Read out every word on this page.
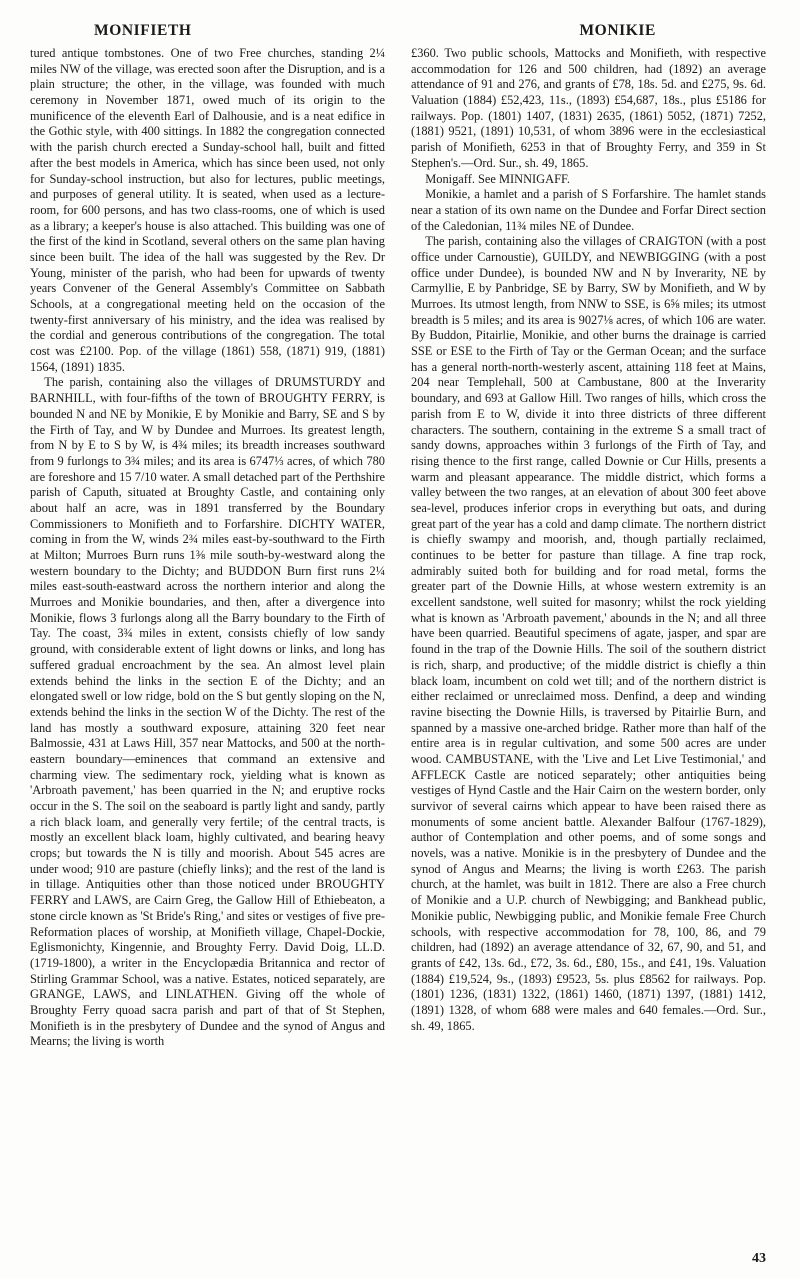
MONIFIETH	MONIKIE

tured antique tombstones. One of two Free churches, standing 2¼ miles NW of the village, was erected soon after the Disruption, and is a plain structure; the other, in the village, was founded with much ceremony in November 1871, owed much of its origin to the munificence of the eleventh Earl of Dalhousie, and is a neat edifice in the Gothic style, with 400 sittings. In 1882 the congregation connected with the parish church erected a Sunday-school hall, built and fitted after the best models in America, which has since been used, not only for Sunday-school instruction, but also for lectures, public meetings, and purposes of general utility. It is seated, when used as a lecture-room, for 600 persons, and has two class-rooms, one of which is used as a library; a keeper's house is also attached. This building was one of the first of the kind in Scotland, several others on the same plan having since been built. The idea of the hall was suggested by the Rev. Dr Young, minister of the parish, who had been for upwards of twenty years Convener of the General Assembly's Committee on Sabbath Schools, at a congregational meeting held on the occasion of the twenty-first anniversary of his ministry, and the idea was realised by the cordial and generous contributions of the congregation. The total cost was £2100. Pop. of the village (1861) 558, (1871) 919, (1881) 1564, (1891) 1835.

The parish, containing also the villages of DRUMSTURDY and BARNHILL, with four-fifths of the town of BROUGHTY FERRY, is bounded N and NE by Monikie, E by Monikie and Barry, SE and S by the Firth of Tay, and W by Dundee and Murroes. Its greatest length, from N by E to S by W, is 4¾ miles; its breadth increases southward from 9 furlongs to 3¾ miles; and its area is 6747⅓ acres, of which 780 are foreshore and 15 7/10 water. A small detached part of the Perthshire parish of Caputh, situated at Broughty Castle, and containing only about half an acre, was in 1891 transferred by the Boundary Commissioners to Monifieth and to Forfarshire. DICHTY WATER, coming in from the W, winds 2¾ miles east-by-southward to the Firth at Milton; Murroes Burn runs 1⅜ mile south-by-westward along the western boundary to the Dichty; and BUDDON Burn first runs 2¼ miles east-south-eastward across the northern interior and along the Murroes and Monikie boundaries, and then, after a divergence into Monikie, flows 3 furlongs along all the Barry boundary to the Firth of Tay. The coast, 3¾ miles in extent, consists chiefly of low sandy ground, with considerable extent of light downs or links, and long has suffered gradual encroachment by the sea. An almost level plain extends behind the links in the section E of the Dichty; and an elongated swell or low ridge, bold on the S but gently sloping on the N, extends behind the links in the section W of the Dichty. The rest of the land has mostly a southward exposure, attaining 320 feet near Balmossie, 431 at Laws Hill, 357 near Mattocks, and 500 at the north-eastern boundary—eminences that command an extensive and charming view. The sedimentary rock, yielding what is known as 'Arbroath pavement,' has been quarried in the N; and eruptive rocks occur in the S. The soil on the seaboard is partly light and sandy, partly a rich black loam, and generally very fertile; of the central tracts, is mostly an excellent black loam, highly cultivated, and bearing heavy crops; but towards the N is tilly and moorish. About 545 acres are under wood; 910 are pasture (chiefly links); and the rest of the land is in tillage. Antiquities other than those noticed under BROUGHTY FERRY and LAWS, are Cairn Greg, the Gallow Hill of Ethiebeaton, a stone circle known as 'St Bride's Ring,' and sites or vestiges of five pre-Reformation places of worship, at Monifieth village, Chapel-Dockie, Eglismonichty, Kingennie, and Broughty Ferry. David Doig, LL.D. (1719-1800), a writer in the Encyclopædia Britannica and rector of Stirling Grammar School, was a native. Estates, noticed separately, are GRANGE, LAWS, and LINLATHEN. Giving off the whole of Broughty Ferry quoad sacra parish and part of that of St Stephen, Monifieth is in the presbytery of Dundee and the synod of Angus and Mearns; the living is worth

£360. Two public schools, Mattocks and Monifieth, with respective accommodation for 126 and 500 children, had (1892) an average attendance of 91 and 276, and grants of £78, 18s. 5d. and £275, 9s. 6d. Valuation (1884) £52,423, 11s., (1893) £54,687, 18s., plus £5186 for railways. Pop. (1801) 1407, (1831) 2635, (1861) 5052, (1871) 7252, (1881) 9521, (1891) 10,531, of whom 3896 were in the ecclesiastical parish of Monifieth, 6253 in that of Broughty Ferry, and 359 in St Stephen's.—Ord. Sur., sh. 49, 1865.

Monigaff. See MINNIGAFF.

Monikie, a hamlet and a parish of S Forfarshire. The hamlet stands near a station of its own name on the Dundee and Forfar Direct section of the Caledonian, 11¾ miles NE of Dundee.

The parish, containing also the villages of CRAIGTON (with a post office under Carnoustie), GUILDY, and NEWBIGGING (with a post office under Dundee), is bounded NW and N by Inverarity, NE by Carmyllie, E by Panbridge, SE by Barry, SW by Monifieth, and W by Murroes. Its utmost length, from NNW to SSE, is 6⅝ miles; its utmost breadth is 5 miles; and its area is 9027⅛ acres, of which 106 are water. By Buddon, Pitairlie, Monikie, and other burns the drainage is carried SSE or ESE to the Firth of Tay or the German Ocean; and the surface has a general north-north-westerly ascent, attaining 118 feet at Mains, 204 near Templehall, 500 at Cambustane, 800 at the Inverarity boundary, and 693 at Gallow Hill. Two ranges of hills, which cross the parish from E to W, divide it into three districts of three different characters. The southern, containing in the extreme S a small tract of sandy downs, approaches within 3 furlongs of the Firth of Tay, and rising thence to the first range, called Downie or Cur Hills, presents a warm and pleasant appearance. The middle district, which forms a valley between the two ranges, at an elevation of about 300 feet above sea-level, produces inferior crops in everything but oats, and during great part of the year has a cold and damp climate. The northern district is chiefly swampy and moorish, and, though partially reclaimed, continues to be better for pasture than tillage. A fine trap rock, admirably suited both for building and for road metal, forms the greater part of the Downie Hills, at whose western extremity is an excellent sandstone, well suited for masonry; whilst the rock yielding what is known as 'Arbroath pavement,' abounds in the N; and all three have been quarried. Beautiful specimens of agate, jasper, and spar are found in the trap of the Downie Hills. The soil of the southern district is rich, sharp, and productive; of the middle district is chiefly a thin black loam, incumbent on cold wet till; and of the northern district is either reclaimed or unreclaimed moss. Denfind, a deep and winding ravine bisecting the Downie Hills, is traversed by Pitairlie Burn, and spanned by a massive one-arched bridge. Rather more than half of the entire area is in regular cultivation, and some 500 acres are under wood. CAMBUSTANE, with the 'Live and Let Live Testimonial,' and AFFLECK Castle are noticed separately; other antiquities being vestiges of Hynd Castle and the Hair Cairn on the western border, only survivor of several cairns which appear to have been raised there as monuments of some ancient battle. Alexander Balfour (1767-1829), author of Contemplation and other poems, and of some songs and novels, was a native. Monikie is in the presbytery of Dundee and the synod of Angus and Mearns; the living is worth £263. The parish church, at the hamlet, was built in 1812. There are also a Free church of Monikie and a U.P. church of Newbigging; and Bankhead public, Monikie public, Newbigging public, and Monikie female Free Church schools, with respective accommodation for 78, 100, 86, and 79 children, had (1892) an average attendance of 32, 67, 90, and 51, and grants of £42, 13s. 6d., £72, 3s. 6d., £80, 15s., and £41, 19s. Valuation (1884) £19,524, 9s., (1893) £9523, 5s. plus £8562 for railways. Pop. (1801) 1236, (1831) 1322, (1861) 1460, (1871) 1397, (1881) 1412, (1891) 1328, of whom 688 were males and 640 females.—Ord. Sur., sh. 49, 1865.

43
